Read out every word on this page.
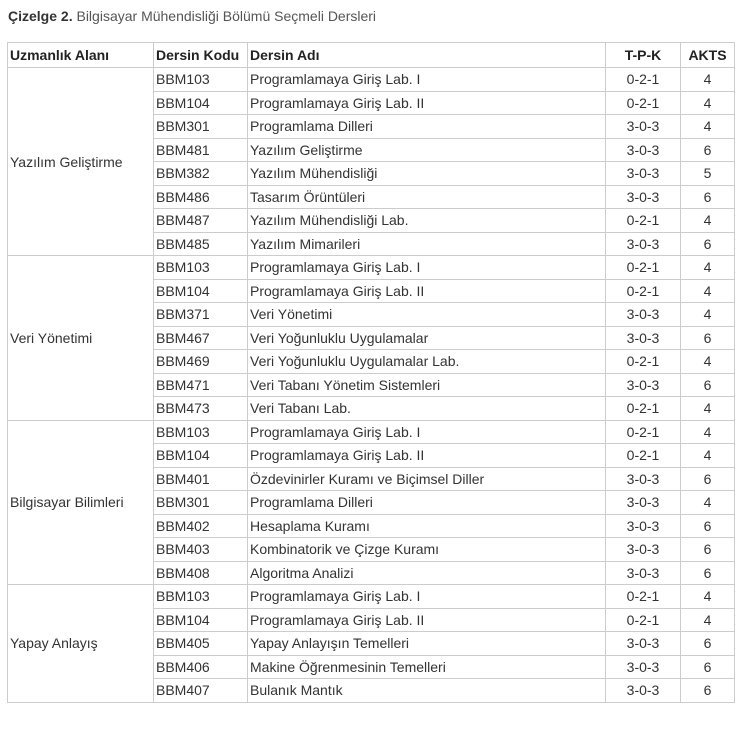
Çizelge 2. Bilgisayar Mühendisliği Bölümü Seçmeli Dersleri
Uzmanlık Alanı	Dersin Kodu	Dersin Adı	T-P-K	AKTS
Yazılım Geliştirme	BBM103	Programlamaya Giriş Lab. I	0-2-1	4
	BBM104	Programlamaya Giriş Lab. II	0-2-1	4
	BBM301	Programlama Dilleri	3-0-3	4
	BBM481	Yazılım Geliştirme	3-0-3	6
	BBM382	Yazılım Mühendisliği	3-0-3	5
	BBM486	Tasarım Örüntüleri	3-0-3	6
	BBM487	Yazılım Mühendisliği Lab.	0-2-1	4
	BBM485	Yazılım Mimarileri	3-0-3	6
Veri Yönetimi	BBM103	Programlamaya Giriş Lab. I	0-2-1	4
	BBM104	Programlamaya Giriş Lab. II	0-2-1	4
	BBM371	Veri Yönetimi	3-0-3	4
	BBM467	Veri Yoğunluklu Uygulamalar	3-0-3	6
	BBM469	Veri Yoğunluklu Uygulamalar Lab.	0-2-1	4
	BBM471	Veri Tabanı Yönetim Sistemleri	3-0-3	6
	BBM473	Veri Tabanı Lab.	0-2-1	4
Bilgisayar Bilimleri	BBM103	Programlamaya Giriş Lab. I	0-2-1	4
	BBM104	Programlamaya Giriş Lab. II	0-2-1	4
	BBM401	Özdevinirler Kuramı ve Biçimsel Diller	3-0-3	6
	BBM301	Programlama Dilleri	3-0-3	4
	BBM402	Hesaplama Kuramı	3-0-3	6
	BBM403	Kombinatorik ve Çizge Kuramı	3-0-3	6
	BBM408	Algoritma Analizi	3-0-3	6
Yapay Anlayış	BBM103	Programlamaya Giriş Lab. I	0-2-1	4
	BBM104	Programlamaya Giriş Lab. II	0-2-1	4
	BBM405	Yapay Anlayışın Temelleri	3-0-3	6
	BBM406	Makine Öğrenmesinin Temelleri	3-0-3	6
	BBM407	Bulanık Mantık	3-0-3	6
